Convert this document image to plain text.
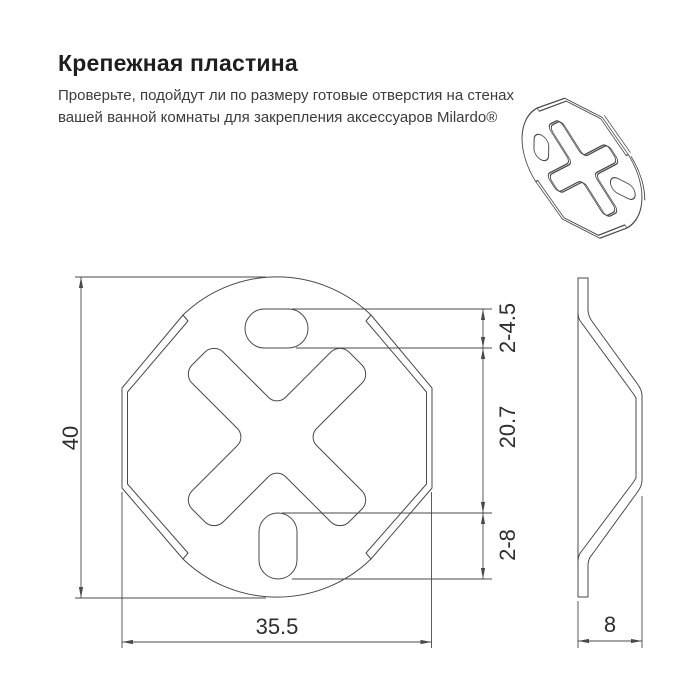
Крепежная пластина
Проверьте, подойдут ли по размеру готовые отверстия на стенах
вашей ванной комнаты для закрепления аксессуаров Milardo®
40
35.5
2-4.5
20.7
2-8
8
